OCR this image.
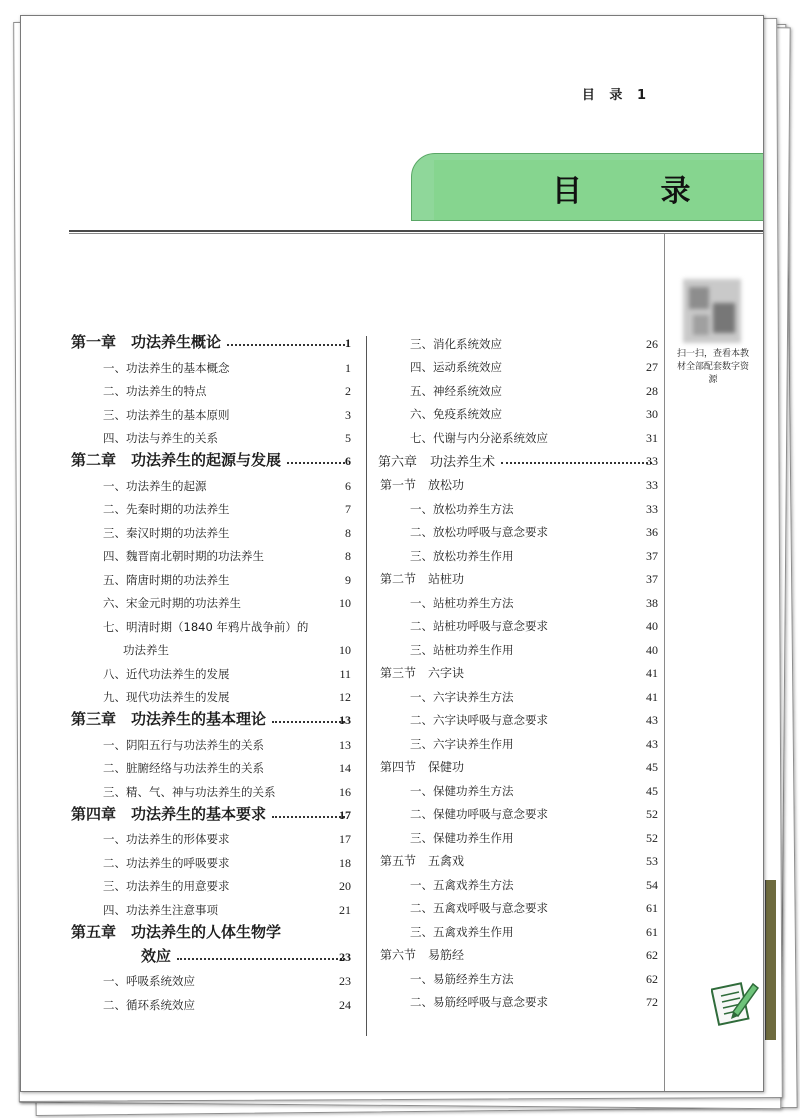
目 录 1
目 录
扫一扫，查看本教材全部配套数字资源
第一章　功法养生概论	1
一、功法养生的基本概念	1
二、功法养生的特点	2
三、功法养生的基本原则	3
四、功法与养生的关系	5
第二章　功法养生的起源与发展	6
一、功法养生的起源	6
二、先秦时期的功法养生	7
三、秦汉时期的功法养生	8
四、魏晋南北朝时期的功法养生	8
五、隋唐时期的功法养生	9
六、宋金元时期的功法养生	10
七、明清时期（1840 年鸦片战争前）的
功法养生	10
八、近代功法养生的发展	11
九、现代功法养生的发展	12
第三章　功法养生的基本理论	13
一、阴阳五行与功法养生的关系	13
二、脏腑经络与功法养生的关系	14
三、精、气、神与功法养生的关系	16
第四章　功法养生的基本要求	17
一、功法养生的形体要求	17
二、功法养生的呼吸要求	18
三、功法养生的用意要求	20
四、功法养生注意事项	21
第五章　功法养生的人体生物学
效应	23
一、呼吸系统效应	23
二、循环系统效应	24
三、消化系统效应	26
四、运动系统效应	27
五、神经系统效应	28
六、免疫系统效应	30
七、代谢与内分泌系统效应	31
第六章　功法养生术	33
第一节　放松功	33
一、放松功养生方法	33
二、放松功呼吸与意念要求	36
三、放松功养生作用	37
第二节　站桩功	37
一、站桩功养生方法	38
二、站桩功呼吸与意念要求	40
三、站桩功养生作用	40
第三节　六字诀	41
一、六字诀养生方法	41
二、六字诀呼吸与意念要求	43
三、六字诀养生作用	43
第四节　保健功	45
一、保健功养生方法	45
二、保健功呼吸与意念要求	52
三、保健功养生作用	52
第五节　五禽戏	53
一、五禽戏养生方法	54
二、五禽戏呼吸与意念要求	61
三、五禽戏养生作用	61
第六节　易筋经	62
一、易筋经养生方法	62
二、易筋经呼吸与意念要求	72
